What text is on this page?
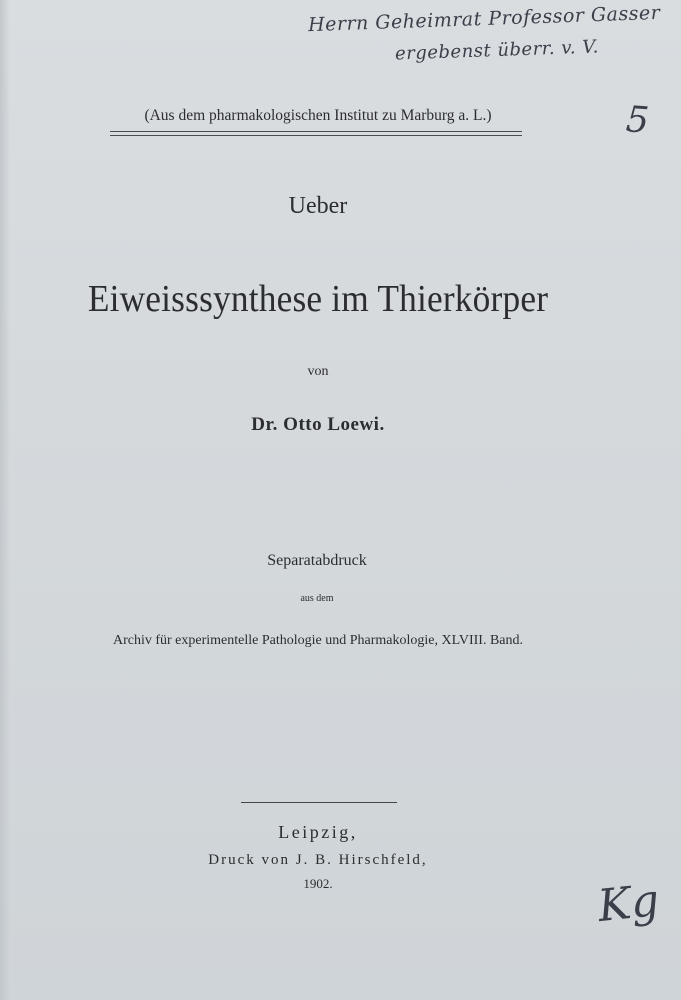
Herrn Geheimrat Professor Gasser
ergebenst überr. v. V.
5
(Aus dem pharmakologischen Institut zu Marburg a. L.)
Ueber
Eiweisssynthese im Thierkörper
von
Dr. Otto Loewi.
Separatabdruck
aus dem
Archiv für experimentelle Pathologie und Pharmakologie, XLVIII. Band.
Leipzig,
Druck von J. B. Hirschfeld,
1902.	Kg
